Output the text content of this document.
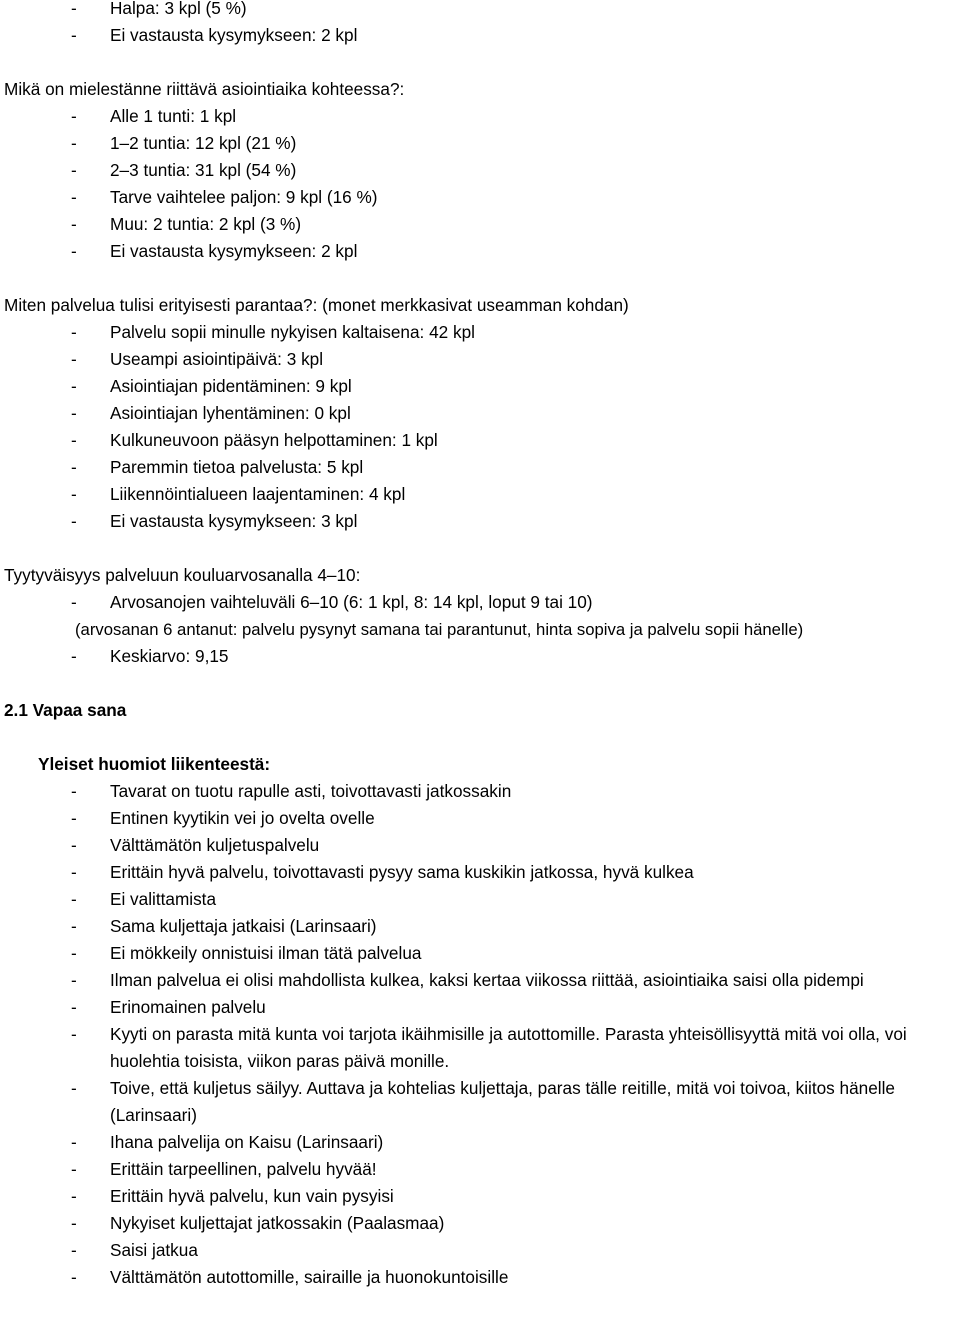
- Halpa: 3 kpl (5 %)
- Ei vastausta kysymykseen: 2 kpl
Mikä on mielestänne riittävä asiointiaika kohteessa?:
- Alle 1 tunti: 1 kpl
- 1–2 tuntia: 12 kpl (21 %)
- 2–3 tuntia: 31 kpl (54 %)
- Tarve vaihtelee paljon: 9 kpl (16 %)
- Muu: 2 tuntia: 2 kpl (3 %)
- Ei vastausta kysymykseen: 2 kpl
Miten palvelua tulisi erityisesti parantaa?: (monet merkkasivat useamman kohdan)
- Palvelu sopii minulle nykyisen kaltaisena: 42 kpl
- Useampi asiointipäivä: 3 kpl
- Asiointiajan pidentäminen: 9 kpl
- Asiointiajan lyhentäminen: 0 kpl
- Kulkuneuvoon pääsyn helpottaminen: 1 kpl
- Paremmin tietoa palvelusta: 5 kpl
- Liikennöintialueen laajentaminen: 4 kpl
- Ei vastausta kysymykseen: 3 kpl
Tyytyväisyys palveluun kouluarvosanalla 4–10:
- Arvosanojen vaihteluväli 6–10 (6: 1 kpl, 8: 14 kpl, loput 9 tai 10)
(arvosanan 6 antanut: palvelu pysynyt samana tai parantunut, hinta sopiva ja palvelu sopii hänelle)
- Keskiarvo: 9,15
2.1 Vapaa sana
Yleiset huomiot liikenteestä:
- Tavarat on tuotu rapulle asti, toivottavasti jatkossakin
- Entinen kyytikin vei jo oveltа ovelle
- Välttämätön kuljetuspalvelu
- Erittäin hyvä palvelu, toivottavasti pysyy sama kuskikin jatkossa, hyvä kulkea
- Ei valittamista
- Sama kuljettaja jatkaisi (Larinsaari)
- Ei mökkeily onnistuisi ilman tätä palvelua
- Ilman palvelua ei olisi mahdollista kulkea, kaksi kertaa viikossa riittää, asiointiaika saisi olla pidempi
- Erinomainen palvelu
- Kyyti on parasta mitä kunta voi tarjota ikäihmisille ja autottomille. Parasta yhteisöllisyyttä mitä voi olla, voi huolehtia toisista, viikon paras päivä monille.
- Toive, että kuljetus säilyy. Auttava ja kohtelias kuljettaja, paras tälle reitille, mitä voi toivoa, kiitos hänelle (Larinsaari)
- Ihana palvelija on Kaisu (Larinsaari)
- Erittäin tarpeellinen, palvelu hyvää!
- Erittäin hyvä palvelu, kun vain pysyisi
- Nykyiset kuljettajat jatkossakin (Paalasmaa)
- Saisi jatkua
- Välttämätön autottomille, sairaille ja huonokuntoisille
